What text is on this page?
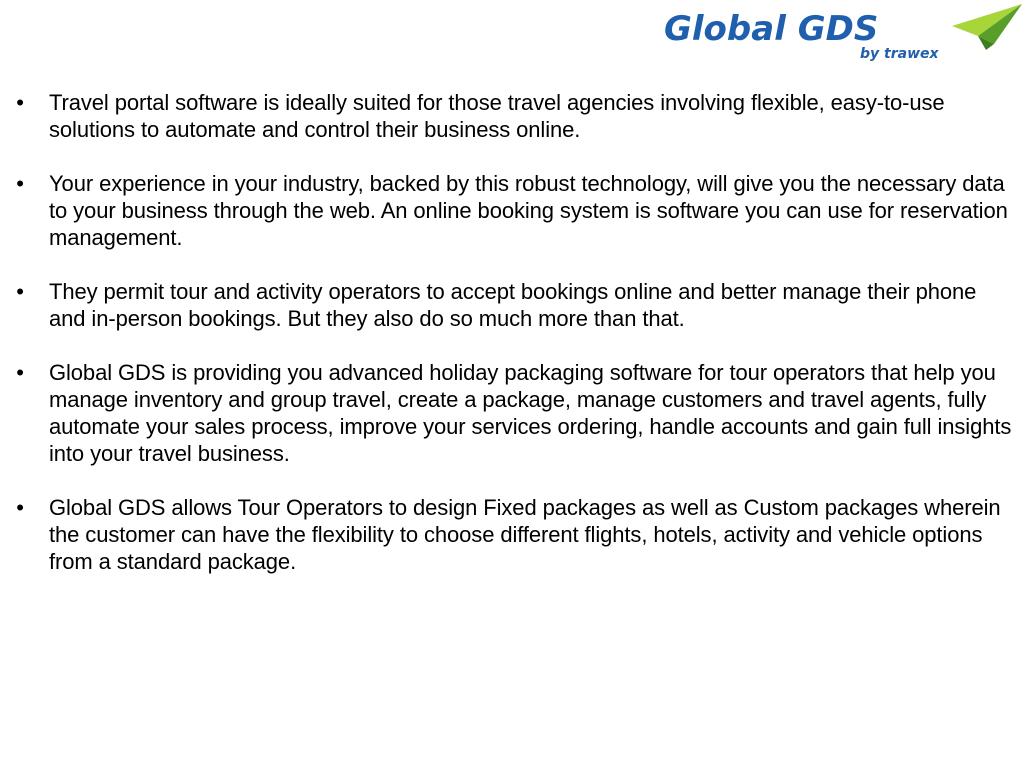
Global GDS
by trawex
• Travel portal software is ideally suited for those travel agencies involving flexible, easy-to-use solutions to automate and control their business online.
• Your experience in your industry, backed by this robust technology, will give you the necessary data to your business through the web. An online booking system is software you can use for reservation management.
• They permit tour and activity operators to accept bookings online and better manage their phone and in-person bookings. But they also do so much more than that.
• Global GDS is providing you advanced holiday packaging software for tour operators that help you manage inventory and group travel, create a package, manage customers and travel agents, fully automate your sales process, improve your services ordering, handle accounts and gain full insights into your travel business.
• Global GDS allows Tour Operators to design Fixed packages as well as Custom packages wherein the customer can have the flexibility to choose different flights, hotels, activity and vehicle options from a standard package.
